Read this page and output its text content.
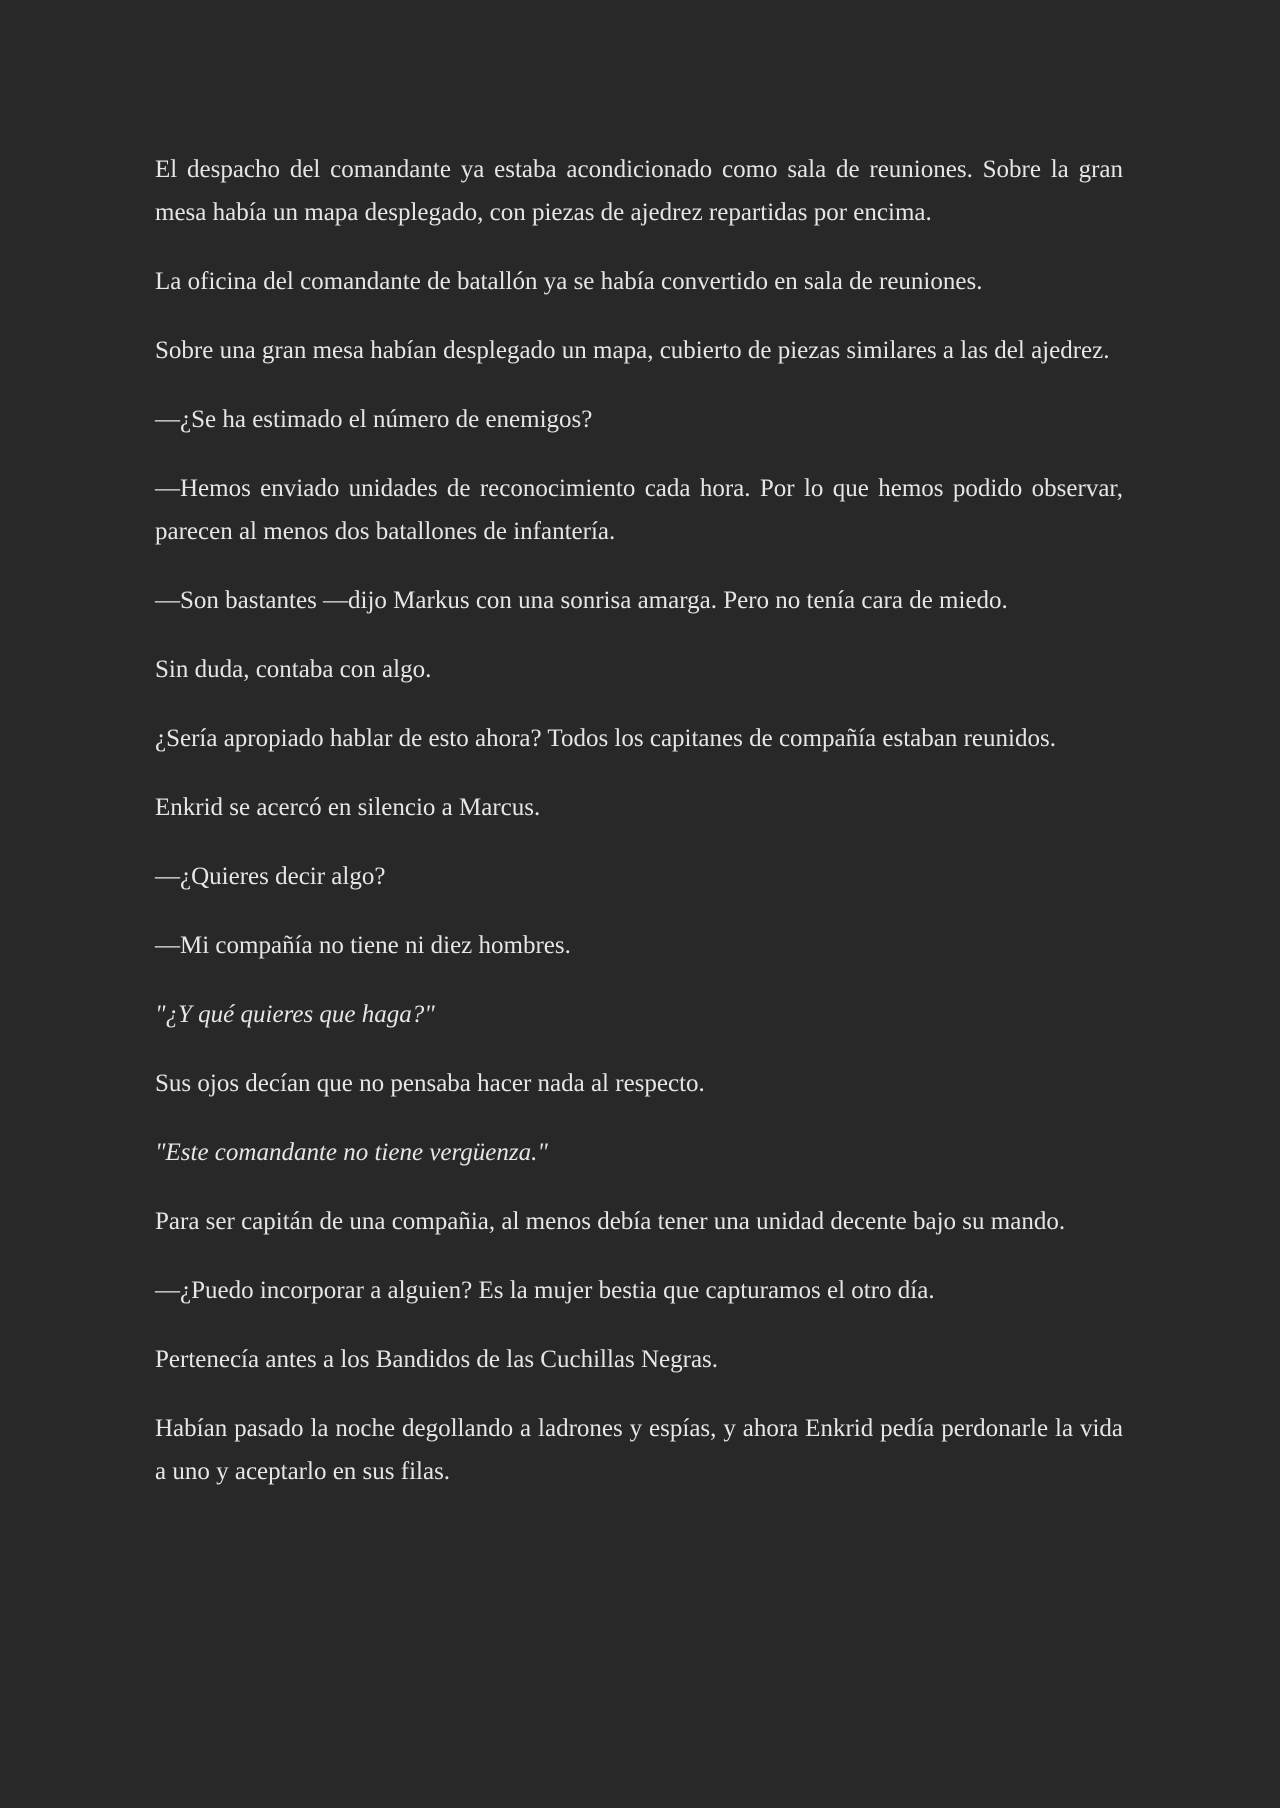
El despacho del comandante ya estaba acondicionado como sala de reuniones. Sobre la gran mesa había un mapa desplegado, con piezas de ajedrez repartidas por encima.

La oficina del comandante de batallón ya se había convertido en sala de reuniones.

Sobre una gran mesa habían desplegado un mapa, cubierto de piezas similares a las del ajedrez.

—¿Se ha estimado el número de enemigos?

—Hemos enviado unidades de reconocimiento cada hora. Por lo que hemos podido observar, parecen al menos dos batallones de infantería.

—Son bastantes —dijo Markus con una sonrisa amarga. Pero no tenía cara de miedo.

Sin duda, contaba con algo.

¿Sería apropiado hablar de esto ahora? Todos los capitanes de compañía estaban reunidos.

Enkrid se acercó en silencio a Marcus.

—¿Quieres decir algo?

—Mi compañía no tiene ni diez hombres.

"¿Y qué quieres que haga?"

Sus ojos decían que no pensaba hacer nada al respecto.

"Este comandante no tiene vergüenza."

Para ser capitán de una compañia, al menos debía tener una unidad decente bajo su mando.

—¿Puedo incorporar a alguien? Es la mujer bestia que capturamos el otro día.

Pertenecía antes a los Bandidos de las Cuchillas Negras.

Habían pasado la noche degollando a ladrones y espías, y ahora Enkrid pedía perdonarle la vida a uno y aceptarlo en sus filas.
